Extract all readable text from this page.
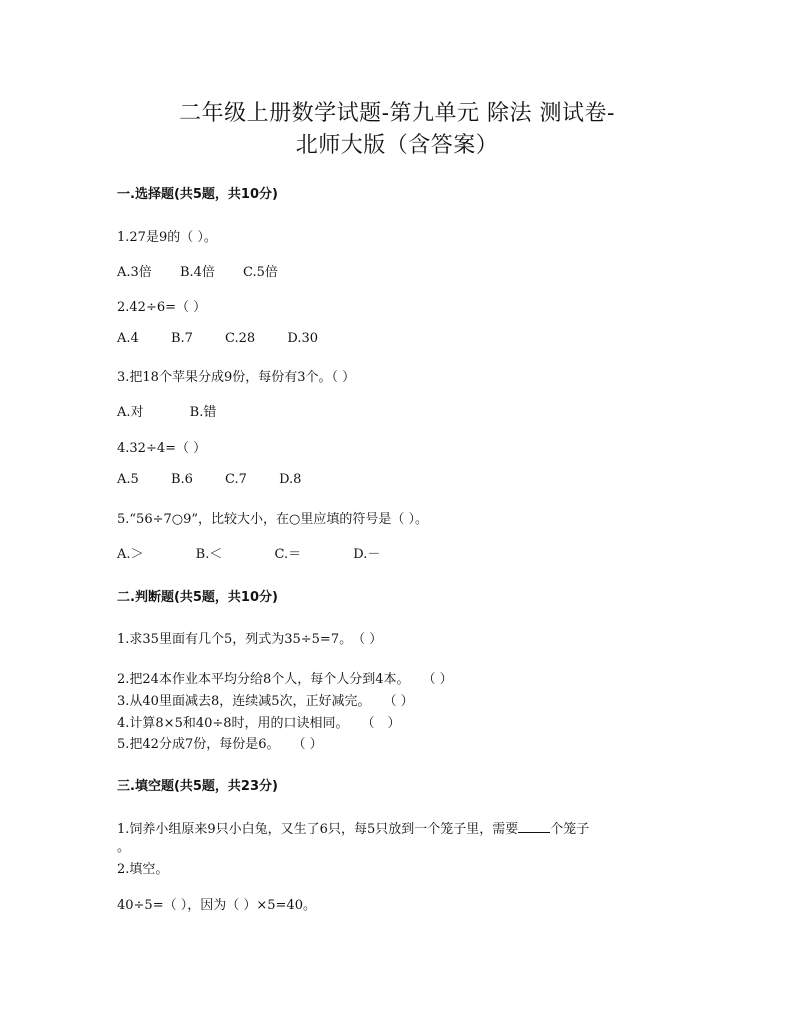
二年级上册数学试题-第九单元 除法 测试卷-
北师大版（含答案）
一.选择题(共5题，共10分)
1.27是9的（ ）。
A.3倍 B.4倍 C.5倍
2.42÷6=（ ）
A.4 B.7 C.28 D.30
3.把18个苹果分成9份，每份有3个。（ ）
A.对	B.错
4.32÷4=（ ）
A.5 B.6 C.7 D.8
5.“56÷7○9”，比较大小，在○里应填的符号是（ ）。
A.＞	B.＜	C.＝	D.－
二.判断题(共5题，共10分)
1.求35里面有几个5，列式为35÷5=7。　（ ）
2.把24本作业本平均分给8个人，每个人分到4本。　　（ ）
3.从40里面减去8，连续减5次，正好减完。　　（ ）
4.计算8×5和40÷8时，用的口诀相同。　　（　）
5.把42分成7份，每份是6。　　（ ）
三.填空题(共5题，共23分)
1.饲养小组原来9只小白兔，又生了6只，每5只放到一个笼子里，需要 个笼子
。
2.填空。
40÷5=（ ），因为（ ）×5=40。
